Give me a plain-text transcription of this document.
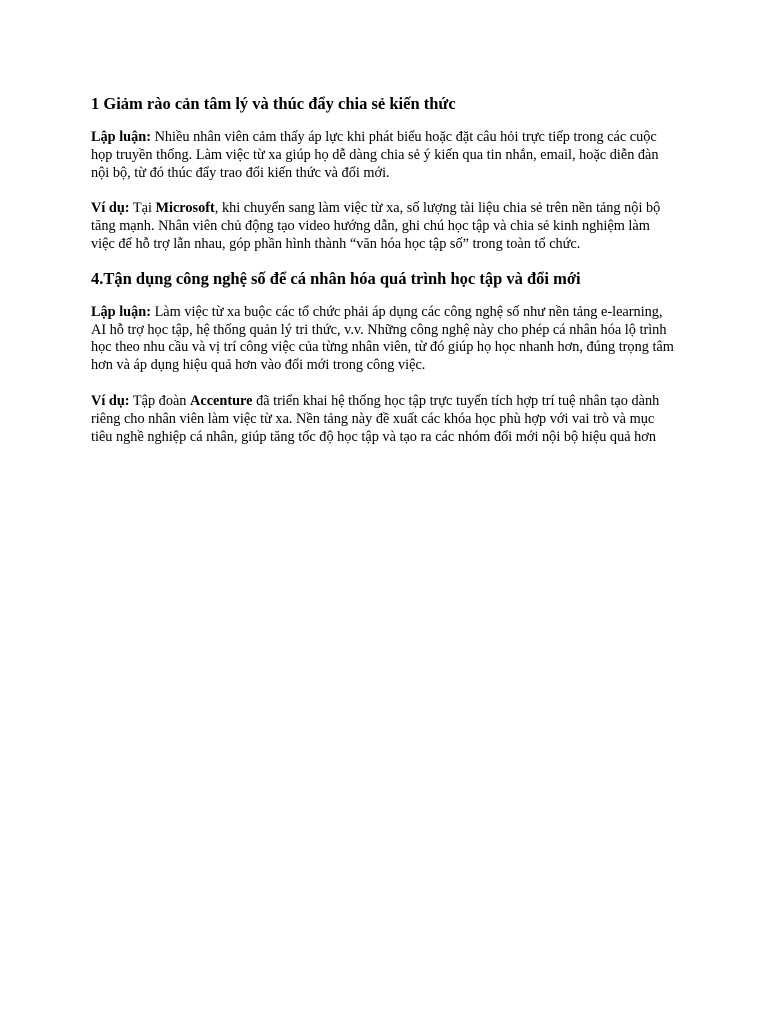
1 Giảm rào cản tâm lý và thúc đẩy chia sẻ kiến thức

Lập luận: Nhiều nhân viên cảm thấy áp lực khi phát biểu hoặc đặt câu hỏi trực tiếp trong các cuộc họp truyền thống. Làm việc từ xa giúp họ dễ dàng chia sẻ ý kiến qua tin nhắn, email, hoặc diễn đàn nội bộ, từ đó thúc đẩy trao đổi kiến thức và đổi mới.

Ví dụ: Tại Microsoft, khi chuyển sang làm việc từ xa, số lượng tài liệu chia sẻ trên nền tảng nội bộ tăng mạnh. Nhân viên chủ động tạo video hướng dẫn, ghi chú học tập và chia sẻ kinh nghiệm làm việc để hỗ trợ lẫn nhau, góp phần hình thành “văn hóa học tập số” trong toàn tổ chức.

4.Tận dụng công nghệ số để cá nhân hóa quá trình học tập và đổi mới

Lập luận: Làm việc từ xa buộc các tổ chức phải áp dụng các công nghệ số như nền tảng e-learning, AI hỗ trợ học tập, hệ thống quản lý tri thức, v.v. Những công nghệ này cho phép cá nhân hóa lộ trình học theo nhu cầu và vị trí công việc của từng nhân viên, từ đó giúp họ học nhanh hơn, đúng trọng tâm hơn và áp dụng hiệu quả hơn vào đổi mới trong công việc.

Ví dụ: Tập đoàn Accenture đã triển khai hệ thống học tập trực tuyến tích hợp trí tuệ nhân tạo dành riêng cho nhân viên làm việc từ xa. Nền tảng này đề xuất các khóa học phù hợp với vai trò và mục tiêu nghề nghiệp cá nhân, giúp tăng tốc độ học tập và tạo ra các nhóm đổi mới nội bộ hiệu quả hơn
